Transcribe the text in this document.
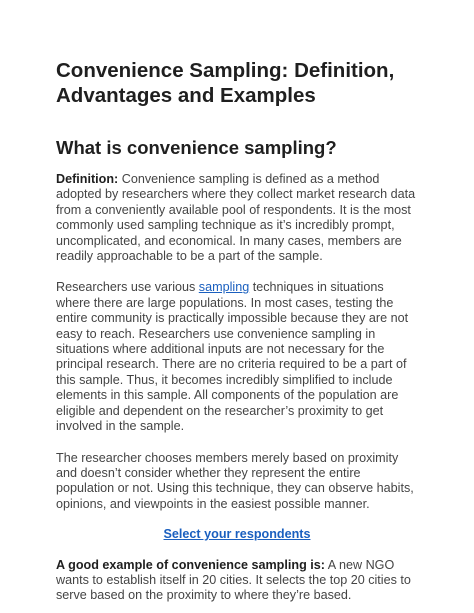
Convenience Sampling: Definition, Advantages and Examples
What is convenience sampling?

Definition: Convenience sampling is defined as a method adopted by researchers where they collect market research data from a conveniently available pool of respondents. It is the most commonly used sampling technique as it’s incredibly prompt, uncomplicated, and economical. In many cases, members are readily approachable to be a part of the sample.

Researchers use various sampling techniques in situations where there are large populations. In most cases, testing the entire community is practically impossible because they are not easy to reach. Researchers use convenience sampling in situations where additional inputs are not necessary for the principal research. There are no criteria required to be a part of this sample. Thus, it becomes incredibly simplified to include elements in this sample. All components of the population are eligible and dependent on the researcher’s proximity to get involved in the sample.

The researcher chooses members merely based on proximity and doesn’t consider whether they represent the entire population or not. Using this technique, they can observe habits, opinions, and viewpoints in the easiest possible manner.

Select your respondents

A good example of convenience sampling is: A new NGO wants to establish itself in 20 cities. It selects the top 20 cities to serve based on the proximity to where they’re based.
